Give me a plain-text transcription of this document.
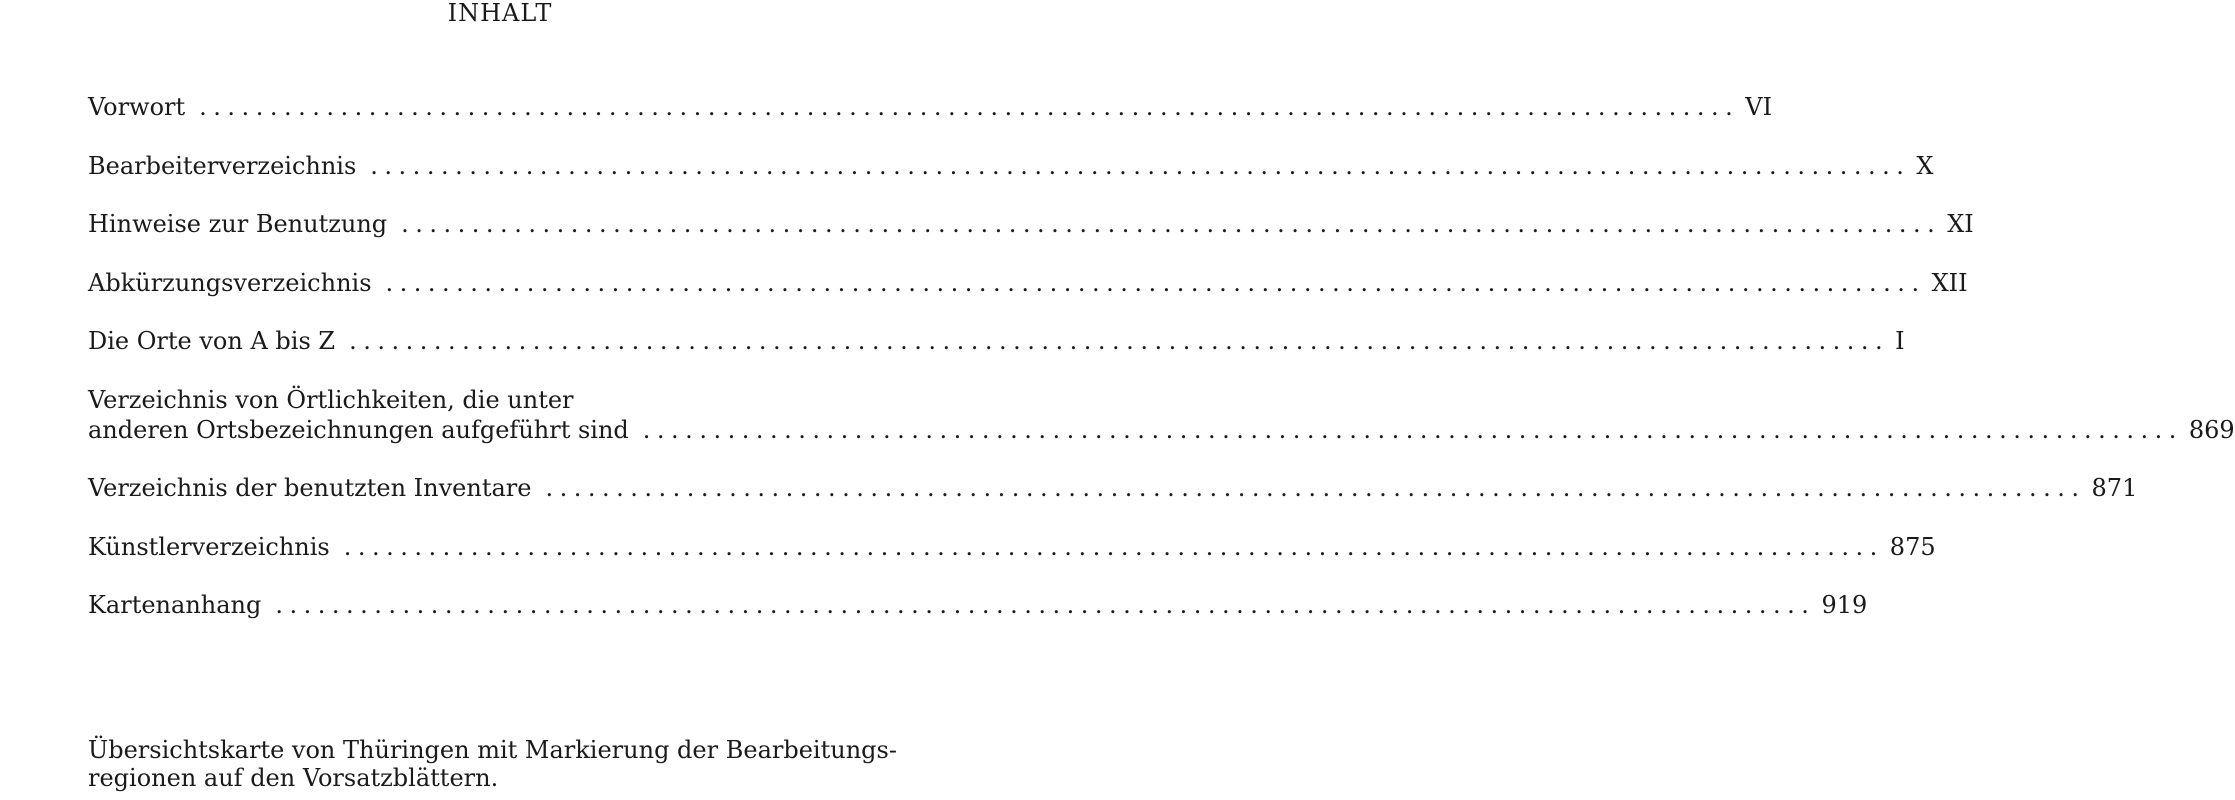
INHALT
Vorwort ............................................................................................................. VI
Bearbeiterverzeichnis ............................................................................................................. X
Hinweise zur Benutzung ............................................................................................................. XI
Abkürzungsverzeichnis ............................................................................................................. XII
Die Orte von A bis Z ............................................................................................................. I
Verzeichnis von Örtlichkeiten, die unter
anderen Ortsbezeichnungen aufgeführt sind ............................................................................................................. 869
Verzeichnis der benutzten Inventare ............................................................................................................. 871
Künstlerverzeichnis ............................................................................................................. 875
Kartenanhang ............................................................................................................. 919
Übersichtskarte von Thüringen mit Markierung der Bearbeitungs-
regionen auf den Vorsatzblättern.
